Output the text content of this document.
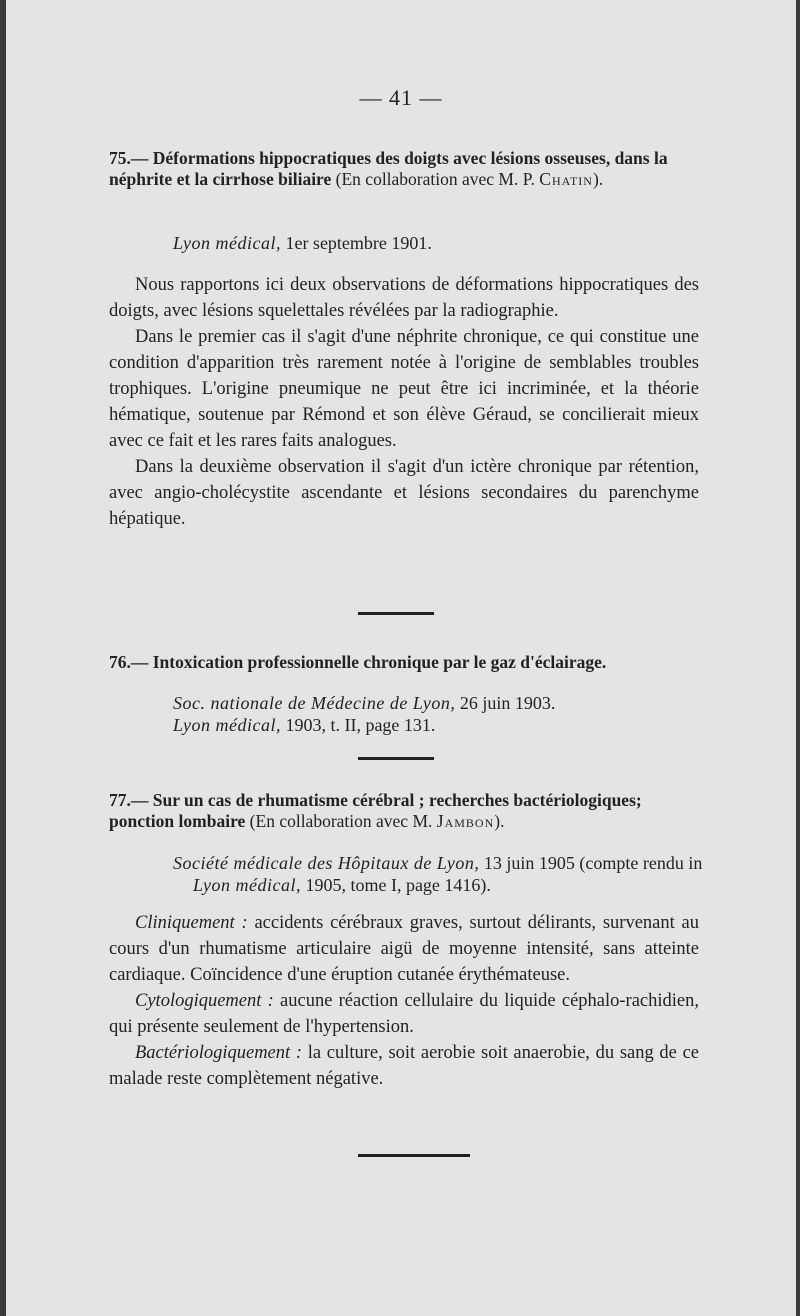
— 41 —

75.— Déformations hippocratiques des doigts avec lésions osseuses, dans la néphrite et la cirrhose biliaire (En collaboration avec M. P. Chatin).

Lyon médical, 1er septembre 1901.

Nous rapportons ici deux observations de déformations hippocratiques des doigts, avec lésions squelettales révélées par la radiographie.

Dans le premier cas il s'agit d'une néphrite chronique, ce qui constitue une condition d'apparition très rarement notée à l'origine de semblables troubles trophiques. L'origine pneumique ne peut être ici incriminée, et la théorie hématique, soutenue par Rémond et son élève Géraud, se concilierait mieux avec ce fait et les rares faits analogues.

Dans la deuxième observation il s'agit d'un ictère chronique par rétention, avec angio-cholécystite ascendante et lésions secondaires du parenchyme hépatique.

76.— Intoxication professionnelle chronique par le gaz d'éclairage.

Soc. nationale de Médecine de Lyon, 26 juin 1903.
Lyon médical, 1903, t. II, page 131.

77.— Sur un cas de rhumatisme cérébral ; recherches bactériologiques; ponction lombaire (En collaboration avec M. Jambon).

Société médicale des Hôpitaux de Lyon, 13 juin 1905 (compte rendu in Lyon médical, 1905, tome I, page 1416).

Cliniquement : accidents cérébraux graves, surtout délirants, survenant au cours d'un rhumatisme articulaire aigü de moyenne intensité, sans atteinte cardiaque. Coïncidence d'une éruption cutanée érythémateuse.

Cytologiquement : aucune réaction cellulaire du liquide céphalo-rachidien, qui présente seulement de l'hypertension.

Bactériologiquement : la culture, soit aerobie soit anaerobie, du sang de ce malade reste complètement négative.
